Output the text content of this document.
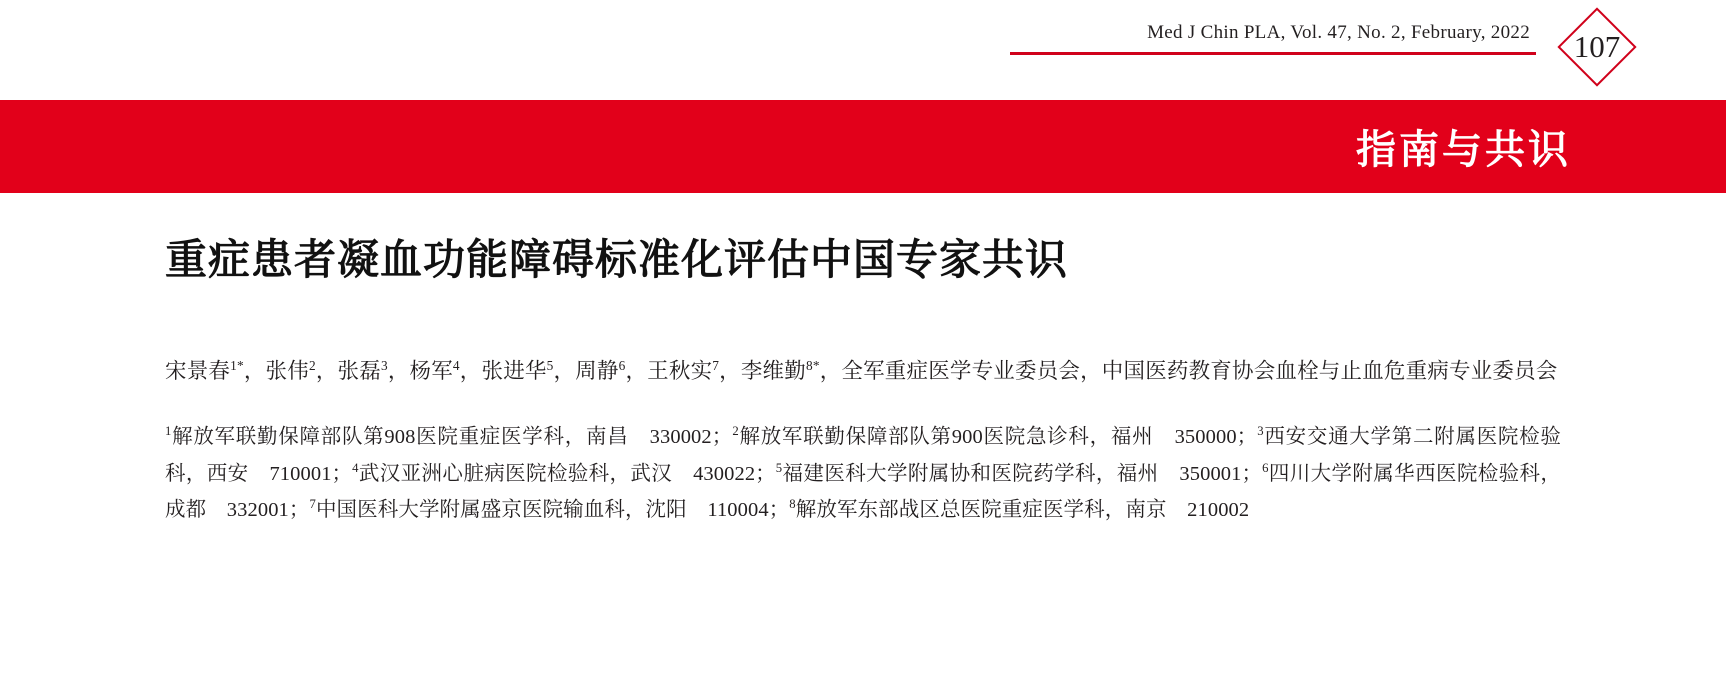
Med J Chin PLA, Vol. 47, No. 2, February, 2022	107
指南与共识
重症患者凝血功能障碍标准化评估中国专家共识

宋景春$^{1*}$，张伟$^2$，张磊$^3$，杨军$^4$，张进华$^5$，周静$^6$，王秋实$^7$，李维勤$^{8*}$，全军重症医学专业委员会，中国医药教育协会血栓与止血危重病专业委员会

$^1$解放军联勤保障部队第908医院重症医学科，南昌　330002；$^2$解放军联勤保障部队第900医院急诊科，福州　350000；$^3$西安交通大学第二附属医院检验科，西安　710001；$^4$武汉亚洲心脏病医院检验科，武汉　430022；$^5$福建医科大学附属协和医院药学科，福州　350001；$^6$四川大学附属华西医院检验科，成都　332001；$^7$中国医科大学附属盛京医院输血科，沈阳　110004；$^8$解放军东部战区总医院重症医学科，南京　210002
